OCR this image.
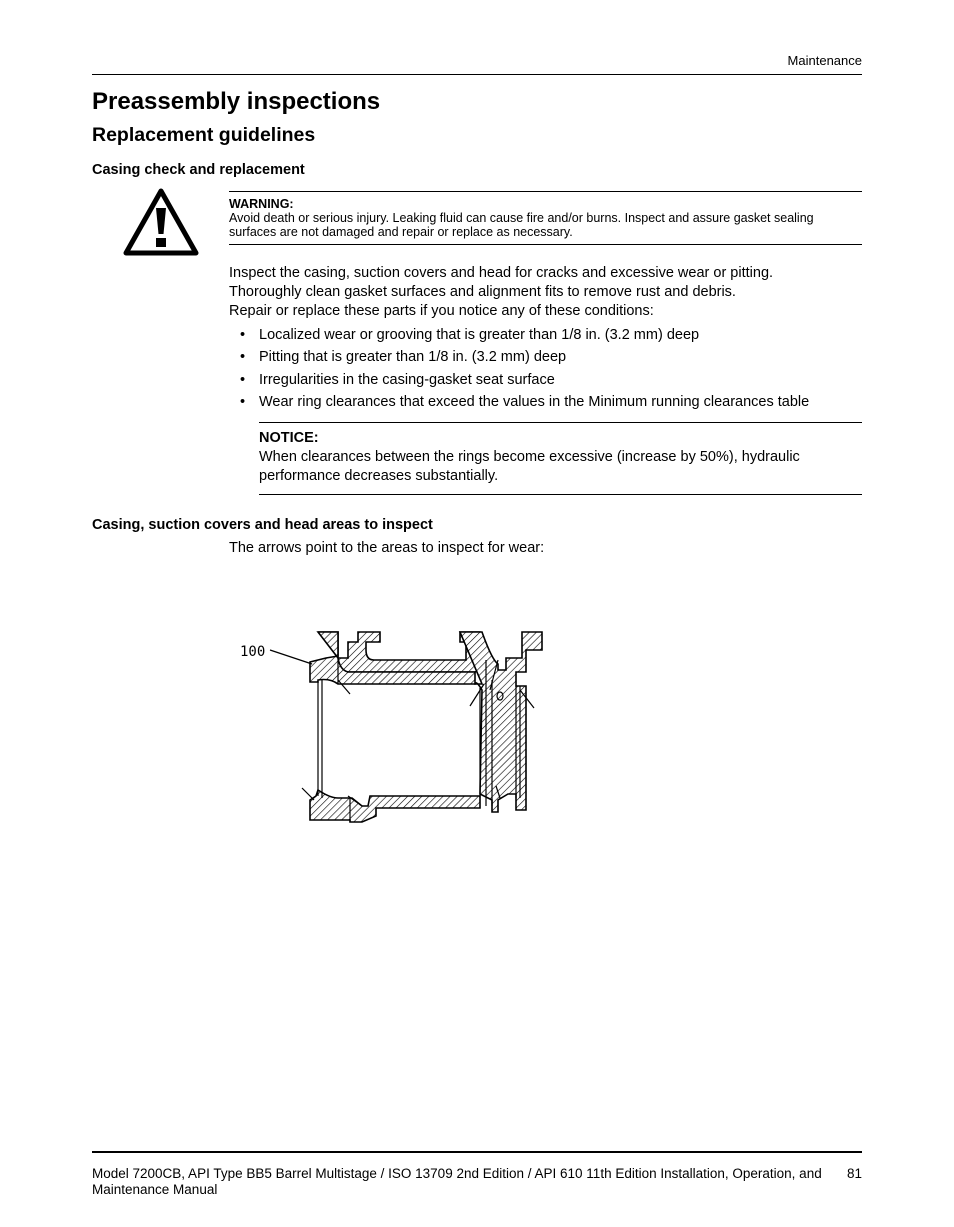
Maintenance
Preassembly inspections
Replacement guidelines
Casing check and replacement
WARNING:
Avoid death or serious injury. Leaking fluid can cause fire and/or burns. Inspect and assure gasket sealing surfaces are not damaged and repair or replace as necessary.
Inspect the casing, suction covers and head for cracks and excessive wear or pitting.
Thoroughly clean gasket surfaces and alignment fits to remove rust and debris.
Repair or replace these parts if you notice any of these conditions:
• Localized wear or grooving that is greater than 1/8 in. (3.2 mm) deep
• Pitting that is greater than 1/8 in. (3.2 mm) deep
• Irregularities in the casing-gasket seat surface
• Wear ring clearances that exceed the values in the Minimum running clearances table
NOTICE:
When clearances between the rings become excessive (increase by 50%), hydraulic performance decreases substantially.
Casing, suction covers and head areas to inspect
The arrows point to the areas to inspect for wear:
100
Model 7200CB, API Type BB5 Barrel Multistage / ISO 13709 2nd Edition / API 610 11th Edition Installation, Operation, and Maintenance Manual
81
